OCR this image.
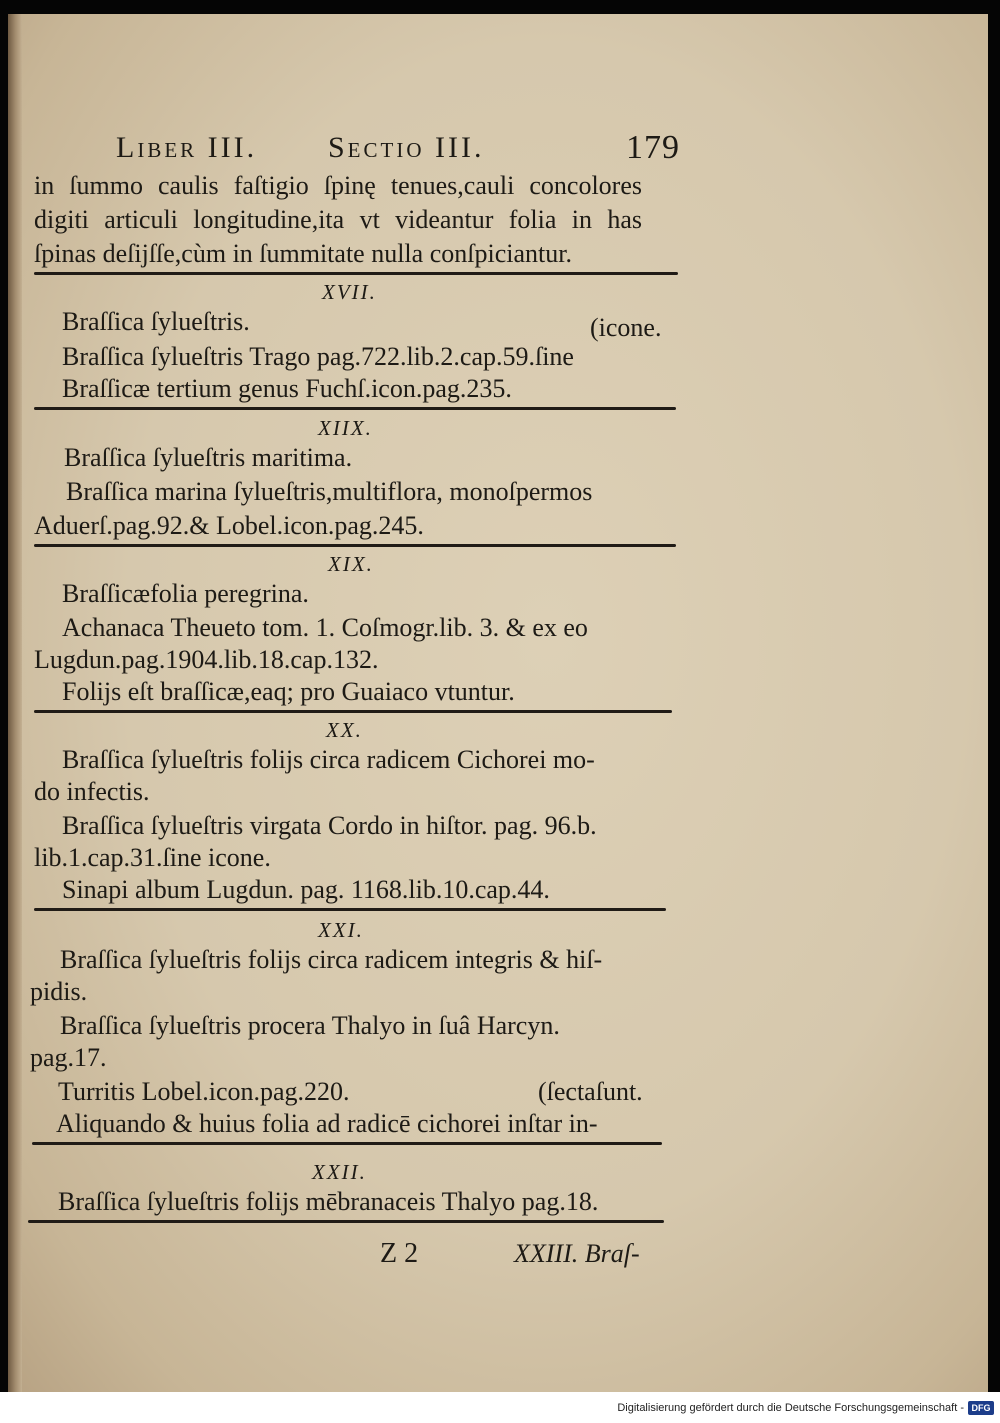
Liber III. Sectio III.	179
in ſummo caulis faſtigio ſpinę tenues,cauli concolores
digiti articuli longitudine,ita vt videantur folia in has
ſpinas deſijſſe,cùm in ſummitate nulla conſpiciantur.
XVII.
Braſſica ſylueſtris.	(icone.
Braſſica ſylueſtris Trago pag.722.lib.2.cap.59.ſine
Braſſicæ tertium genus Fuchſ.icon.pag.235.
XIIX.
Braſſica ſylueſtris maritima.
Braſſica marina ſylueſtris,multiflora, monoſpermos
Aduerſ.pag.92.& Lobel.icon.pag.245.
XIX.
Braſſicæfolia peregrina.
Achanaca Theueto tom. 1. Coſmogr.lib. 3. & ex eo
Lugdun.pag.1904.lib.18.cap.132.
Folijs eſt braſſicæ,eaq; pro Guaiaco vtuntur.
XX.
Braſſica ſylueſtris folijs circa radicem Cichorei mo-
do infectis.
Braſſica ſylueſtris virgata Cordo in hiſtor. pag. 96.b.
lib.1.cap.31.ſine icone.
Sinapi album Lugdun. pag. 1168.lib.10.cap.44.
XXI.
Braſſica ſylueſtris folijs circa radicem integris & hiſ-
pidis.
Braſſica ſylueſtris procera Thalyo in ſuâ Harcyn.
pag.17.
Turritis Lobel.icon.pag.220.	(ſectaſunt.
Aliquando & huius folia ad radicē cichorei inſtar in-
XXII.
Braſſica ſylueſtris folijs mēbranaceis Thalyo pag.18.
Z 2	XXIII. Braſ-
Digitalisierung gefördert durch die Deutsche Forschungsgemeinschaft - DFG
